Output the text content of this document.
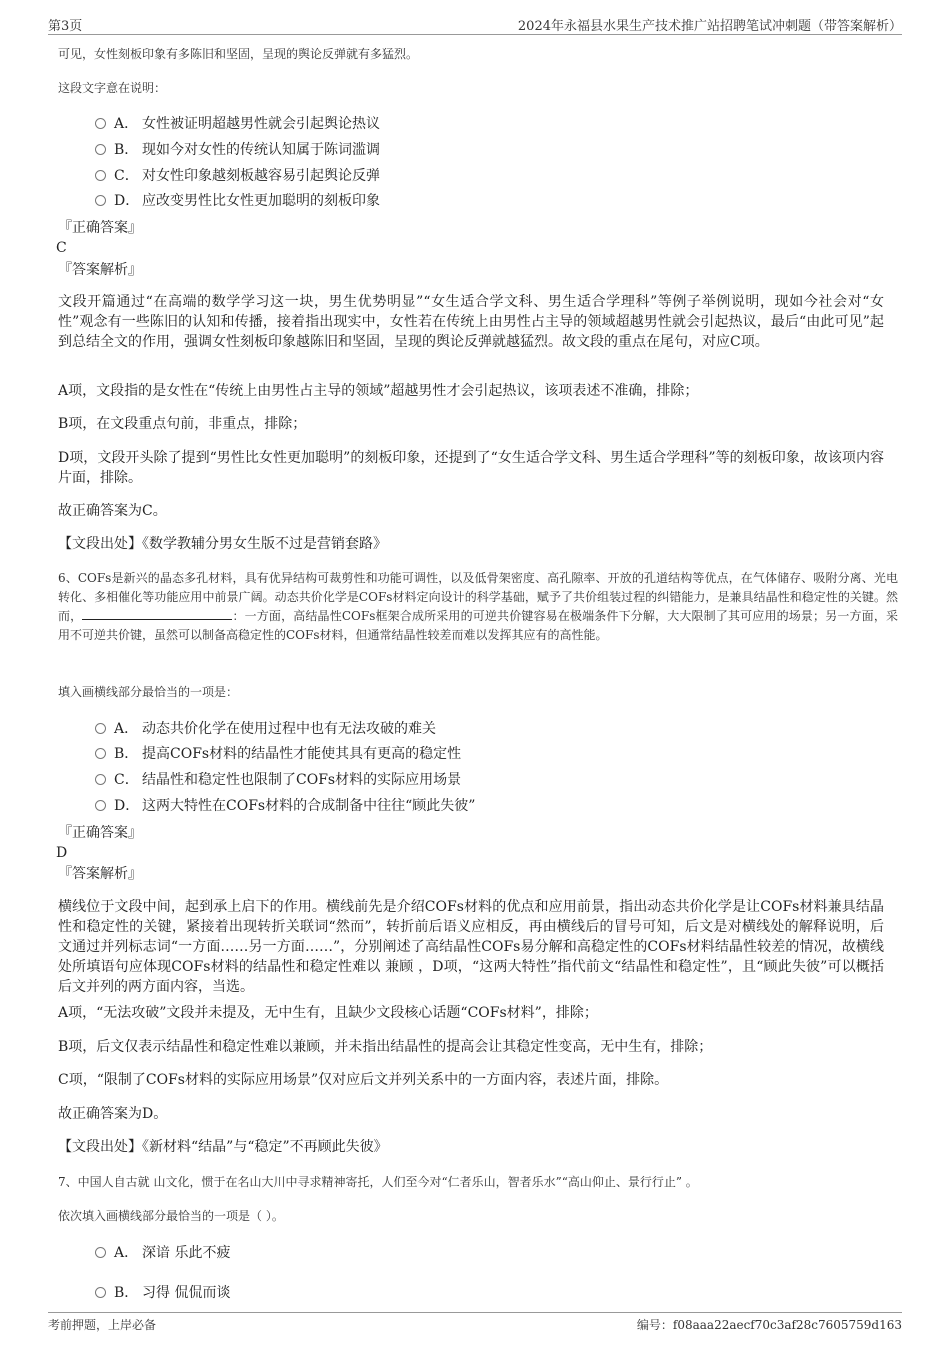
第3页	2024年永福县水果生产技术推广站招聘笔试冲刺题（带答案解析）
可见，女性刻板印象有多陈旧和坚固，呈现的舆论反弹就有多猛烈。
这段文字意在说明：
A． 女性被证明超越男性就会引起舆论热议
B． 现如今对女性的传统认知属于陈词滥调
C． 对女性印象越刻板越容易引起舆论反弹
D． 应改变男性比女性更加聪明的刻板印象
『正确答案』
C
『答案解析』
文段开篇通过“在高端的数学学习这一块，男生优势明显”“女生适合学文科、男生适合学理科”等例子举例说明，现如今社会对“女性”观念有一些陈旧的认知和传播，接着指出现实中，女性若在传统上由男性占主导的领域超越男性就会引起热议，最后“由此可见”起到总结全文的作用，强调女性刻板印象越陈旧和坚固，呈现的舆论反弹就越猛烈。故文段的重点在尾句，对应C项。
A项，文段指的是女性在“传统上由男性占主导的领域”超越男性才会引起热议，该项表述不准确，排除；
B项，在文段重点句前，非重点，排除；
D项，文段开头除了提到“男性比女性更加聪明”的刻板印象，还提到了“女生适合学文科、男生适合学理科”等的刻板印象，故该项内容片面，排除。
故正确答案为C。
【文段出处】《数学教辅分男女生版不过是营销套路》
6、COFs是新兴的晶态多孔材料，具有优异结构可裁剪性和功能可调性，以及低骨架密度、高孔隙率、开放的孔道结构等优点，在气体储存、吸附分离、光电转化、多相催化等功能应用中前景广阔。动态共价化学是COFs材料定向设计的科学基础，赋予了共价组装过程的纠错能力，是兼具结晶性和稳定性的关键。然而，	：一方面，高结晶性COFs框架合成所采用的可逆共价键容易在极端条件下分解，大大限制了其可应用的场景；另一方面，采用不可逆共价键，虽然可以制备高稳定性的COFs材料，但通常结晶性较差而难以发挥其应有的高性能。
填入画横线部分最恰当的一项是：
A． 动态共价化学在使用过程中也有无法攻破的难关
B． 提高COFs材料的结晶性才能使其具有更高的稳定性
C． 结晶性和稳定性也限制了COFs材料的实际应用场景
D． 这两大特性在COFs材料的合成制备中往往“顾此失彼”
『正确答案』
D
『答案解析』
横线位于文段中间，起到承上启下的作用。横线前先是介绍COFs材料的优点和应用前景，指出动态共价化学是让COFs材料兼具结晶性和稳定性的关键，紧接着出现转折关联词“然而”，转折前后语义应相反，再由横线后的冒号可知，后文是对横线处的解释说明，后文通过并列标志词“一方面……另一方面……”，分别阐述了高结晶性COFs易分解和高稳定性的COFs材料结晶性较差的情况，故横线处所填语句应体现COFs材料的结晶性和稳定性难以 兼顾 ，D项，“这两大特性”指代前文“结晶性和稳定性”，且“顾此失彼”可以概括后文并列的两方面内容，当选。
A项，“无法攻破”文段并未提及，无中生有，且缺少文段核心话题“COFs材料”，排除；
B项，后文仅表示结晶性和稳定性难以兼顾，并未指出结晶性的提高会让其稳定性变高，无中生有，排除；
C项，“限制了COFs材料的实际应用场景”仅对应后文并列关系中的一方面内容，表述片面，排除。
故正确答案为D。
【文段出处】《新材料“结晶”与“稳定”不再顾此失彼》
7、中国人自古就 山文化，惯于在名山大川中寻求精神寄托，人们至今对“仁者乐山，智者乐水”“高山仰止、景行行止” 。
依次填入画横线部分最恰当的一项是（ ）。
A． 深谙 乐此不疲
B． 习得 侃侃而谈
考前押题，上岸必备	编号：f08aaa22aecf70c3af28c7605759d163
